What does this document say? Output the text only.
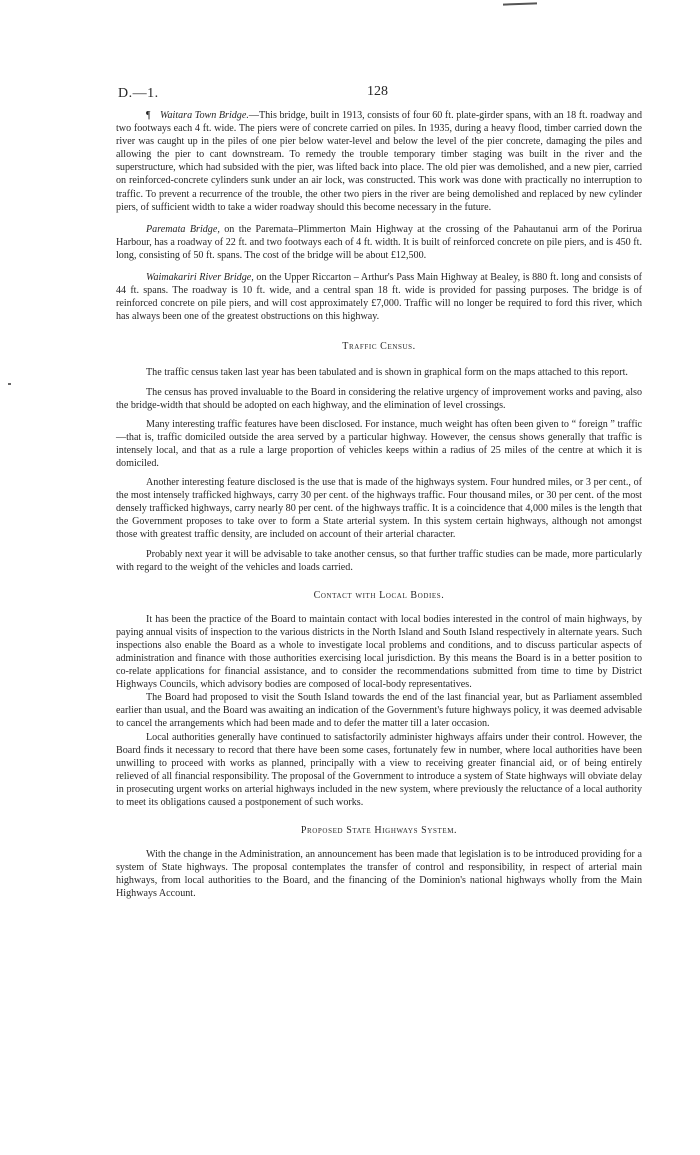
D.—1.	128

¶ Waitara Town Bridge.—This bridge, built in 1913, consists of four 60 ft. plate-girder spans, with an 18 ft. roadway and two footways each 4 ft. wide. The piers were of concrete carried on piles. In 1935, during a heavy flood, timber carried down the river was caught up in the piles of one pier below water-level and below the level of the pier concrete, damaging the piles and allowing the pier to cant downstream. To remedy the trouble temporary timber staging was built in the river and the superstructure, which had subsided with the pier, was lifted back into place. The old pier was demolished, and a new pier, carried on reinforced-concrete cylinders sunk under an air lock, was constructed. This work was done with practically no interruption to traffic. To prevent a recurrence of the trouble, the other two piers in the river are being demolished and replaced by new cylinder piers, of sufficient width to take a wider roadway should this become necessary in the future.

Paremata Bridge, on the Paremata–Plimmerton Main Highway at the crossing of the Pahautanui arm of the Porirua Harbour, has a roadway of 22 ft. and two footways each of 4 ft. width. It is built of reinforced concrete on pile piers, and is 450 ft. long, consisting of 50 ft. spans. The cost of the bridge will be about £12,500.

Waimakariri River Bridge, on the Upper Riccarton – Arthur's Pass Main Highway at Bealey, is 880 ft. long and consists of 44 ft. spans. The roadway is 10 ft. wide, and a central span 18 ft. wide is provided for passing purposes. The bridge is of reinforced concrete on pile piers, and will cost approximately £7,000. Traffic will no longer be required to ford this river, which has always been one of the greatest obstructions on this highway.

Traffic Census.

The traffic census taken last year has been tabulated and is shown in graphical form on the maps attached to this report.

The census has proved invaluable to the Board in considering the relative urgency of improvement works and paving, also the bridge-width that should be adopted on each highway, and the elimination of level crossings.

Many interesting traffic features have been disclosed. For instance, much weight has often been given to “ foreign ” traffic—that is, traffic domiciled outside the area served by a particular highway. However, the census shows generally that traffic is intensely local, and that as a rule a large proportion of vehicles keeps within a radius of 25 miles of the centre at which it is domiciled.

Another interesting feature disclosed is the use that is made of the highways system. Four hundred miles, or 3 per cent., of the most intensely trafficked highways, carry 30 per cent. of the highways traffic. Four thousand miles, or 30 per cent. of the most densely trafficked highways, carry nearly 80 per cent. of the highways traffic. It is a coincidence that 4,000 miles is the length that the Government proposes to take over to form a State arterial system. In this system certain highways, although not amongst those with greatest traffic density, are included on account of their arterial character.

Probably next year it will be advisable to take another census, so that further traffic studies can be made, more particularly with regard to the weight of the vehicles and loads carried.

Contact with Local Bodies.

It has been the practice of the Board to maintain contact with local bodies interested in the control of main highways, by paying annual visits of inspection to the various districts in the North Island and South Island respectively in alternate years. Such inspections also enable the Board as a whole to investigate local problems and conditions, and to discuss particular aspects of administration and finance with those authorities exercising local jurisdiction. By this means the Board is in a better position to co-relate applications for financial assistance, and to consider the recommendations submitted from time to time by District Highways Councils, which advisory bodies are composed of local-body representatives.

The Board had proposed to visit the South Island towards the end of the last financial year, but as Parliament assembled earlier than usual, and the Board was awaiting an indication of the Government's future highways policy, it was deemed advisable to cancel the arrangements which had been made and to defer the matter till a later occasion.

Local authorities generally have continued to satisfactorily administer highways affairs under their control. However, the Board finds it necessary to record that there have been some cases, fortunately few in number, where local authorities have been unwilling to proceed with works as planned, principally with a view to receiving greater financial aid, or of being entirely relieved of all financial responsibility. The proposal of the Government to introduce a system of State highways will obviate delay in prosecuting urgent works on arterial highways included in the new system, where previously the reluctance of a local authority to meet its obligations caused a postponement of such works.

Proposed State Highways System.

With the change in the Administration, an announcement has been made that legislation is to be introduced providing for a system of State highways. The proposal contemplates the transfer of control and responsibility, in respect of arterial main highways, from local authorities to the Board, and the financing of the Dominion's national highways wholly from the Main Highways Account.
